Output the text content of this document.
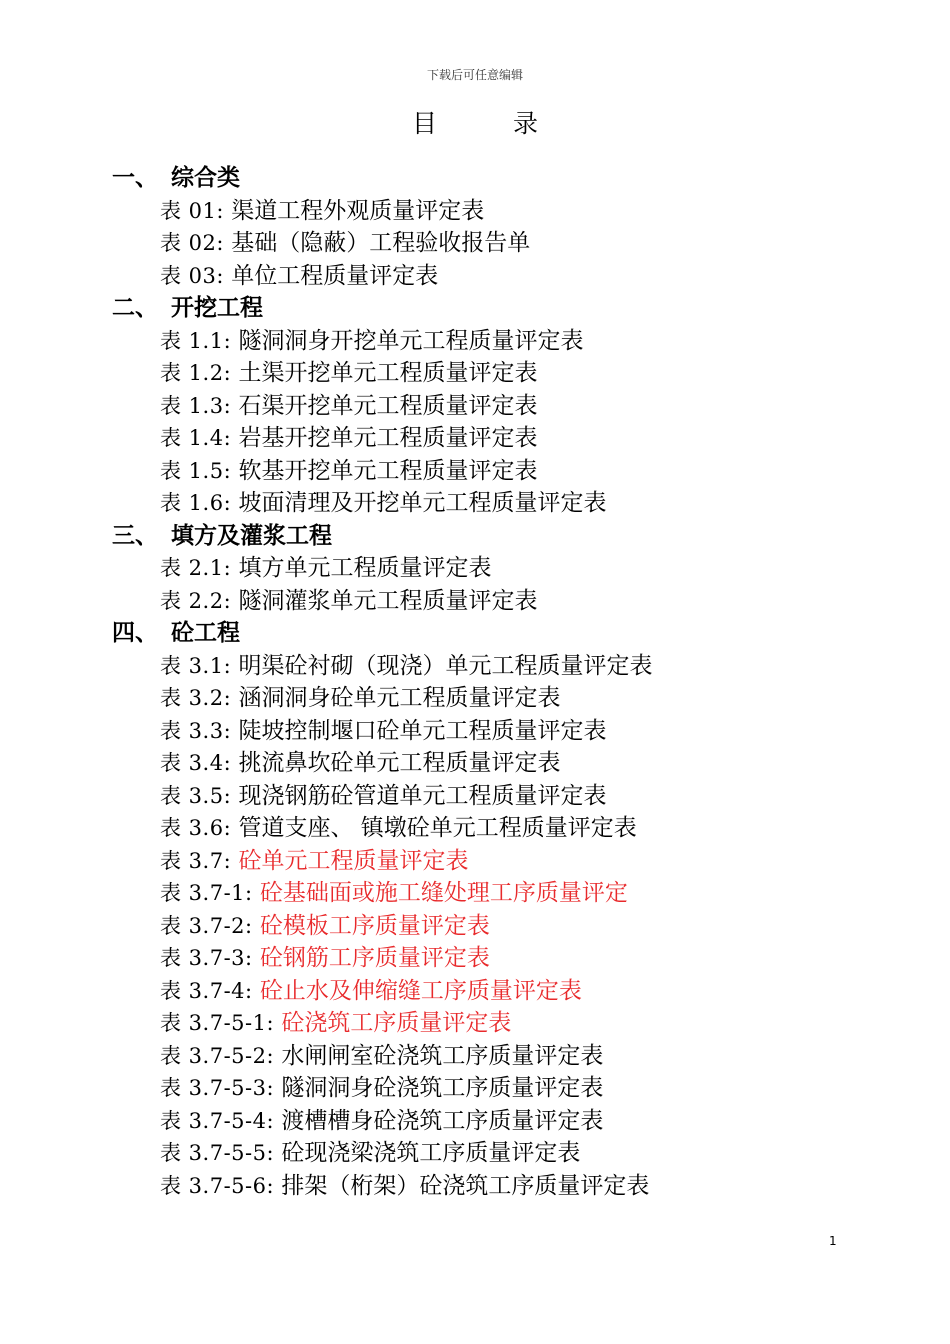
下载后可任意编辑
目 录
一、 综合类
表 01: 渠道工程外观质量评定表
表 02: 基础（隐蔽）工程验收报告单
表 03: 单位工程质量评定表
二、 开挖工程
表 1.1: 隧洞洞身开挖单元工程质量评定表
表 1.2: 土渠开挖单元工程质量评定表
表 1.3: 石渠开挖单元工程质量评定表
表 1.4: 岩基开挖单元工程质量评定表
表 1.5: 软基开挖单元工程质量评定表
表 1.6: 坡面清理及开挖单元工程质量评定表
三、 填方及灌浆工程
表 2.1: 填方单元工程质量评定表
表 2.2: 隧洞灌浆单元工程质量评定表
四、 砼工程
表 3.1: 明渠砼衬砌（现浇）单元工程质量评定表
表 3.2: 涵洞洞身砼单元工程质量评定表
表 3.3: 陡坡控制堰口砼单元工程质量评定表
表 3.4: 挑流鼻坎砼单元工程质量评定表
表 3.5: 现浇钢筋砼管道单元工程质量评定表
表 3.6: 管道支座、 镇墩砼单元工程质量评定表
表 3.7: 砼单元工程质量评定表
表 3.7-1: 砼基础面或施工缝处理工序质量评定
表 3.7-2: 砼模板工序质量评定表
表 3.7-3: 砼钢筋工序质量评定表
表 3.7-4: 砼止水及伸缩缝工序质量评定表
表 3.7-5-1: 砼浇筑工序质量评定表
表 3.7-5-2: 水闸闸室砼浇筑工序质量评定表
表 3.7-5-3: 隧洞洞身砼浇筑工序质量评定表
表 3.7-5-4: 渡槽槽身砼浇筑工序质量评定表
表 3.7-5-5: 砼现浇梁浇筑工序质量评定表
表 3.7-5-6: 排架（桁架）砼浇筑工序质量评定表
1
